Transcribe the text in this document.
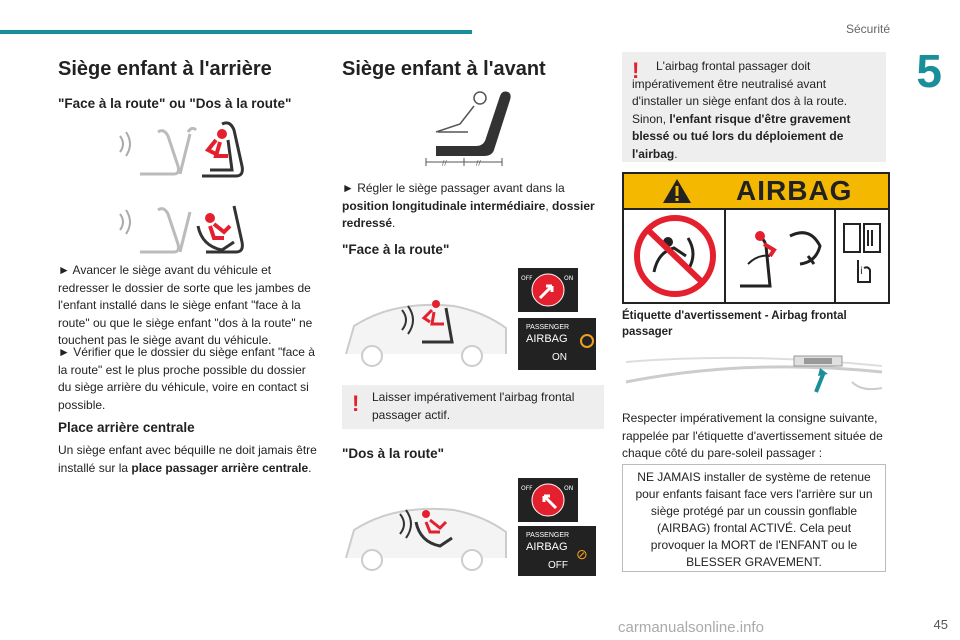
Sécurité
5
Siège enfant à l'arrière
"Face à la route" ou "Dos à la route"
► Avancer le siège avant du véhicule et redresser le dossier de sorte que les jambes de l'enfant installé dans le siège enfant "face à la route" ou que le siège enfant "dos à la route" ne touchent pas le siège avant du véhicule.
► Vérifier que le dossier du siège enfant "face à la route" est le plus proche possible du dossier du siège arrière du véhicule, voire en contact si possible.
Place arrière centrale
Un siège enfant avec béquille ne doit jamais être installé sur la place passager arrière centrale.
Siège enfant à l'avant
//	//
► Régler le siège passager avant dans la position longitudinale intermédiaire, dossier redressé.
"Face à la route"
OFF	ON
PASSENGER
AIRBAG
ON
! Laisser impérativement l'airbag frontal passager actif.
"Dos à la route"
OFF	ON
PASSENGER
AIRBAG
OFF
⊘
!	L'airbag frontal passager doit impérativement être neutralisé avant d'installer un siège enfant dos à la route. Sinon, l'enfant risque d'être gravement blessé ou tué lors du déploiement de l'airbag.
AIRBAG
i
Étiquette d'avertissement - Airbag frontal passager
Respecter impérativement la consigne suivante, rappelée par l'étiquette d'avertissement située de chaque côté du pare-soleil passager :
NE JAMAIS installer de système de retenue pour enfants faisant face vers l'arrière sur un siège protégé par un coussin gonflable (AIRBAG) frontal ACTIVÉ. Cela peut provoquer la MORT de l'ENFANT ou le BLESSER GRAVEMENT.
carmanualsonline.info	45
